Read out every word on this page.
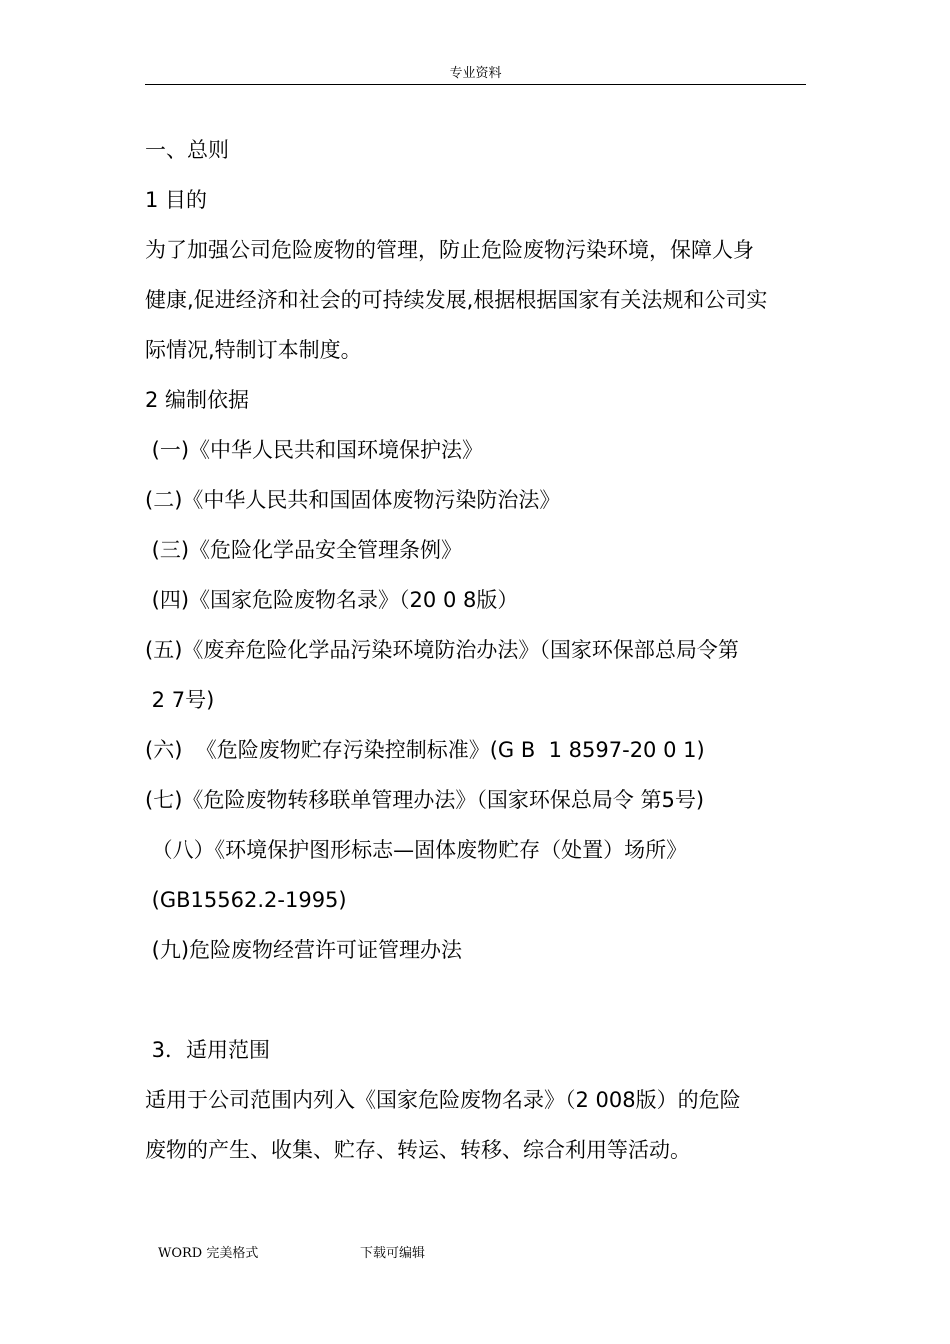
专业资料
一、总则
1 目的
为了加强公司危险废物的管理，防止危险废物污染环境，保障人身
健康,促进经济和社会的可持续发展,根据根据国家有关法规和公司实
际情况,特制订本制度。
2 编制依据
(一)《中华人民共和国环境保护法》
(二)《中华人民共和国固体废物污染防治法》
(三)《危险化学品安全管理条例》
(四)《国家危险废物名录》（20 0 8版）
(五)《废弃危险化学品污染环境防治办法》（国家环保部总局令第
2 7号)
(六)  《危险废物贮存污染控制标准》(G B  1 8597-20 0 1)
(七)《危险废物转移联单管理办法》（国家环保总局令 第5号)
（八）《环境保护图形标志—固体废物贮存（处置）场所》
(GB15562.2-1995)
(九)危险废物经营许可证管理办法
3．适用范围
适用于公司范围内列入《国家危险废物名录》（2 008版）的危险
废物的产生、收集、贮存、转运、转移、综合利用等活动。
WORD 完美格式	下载可编辑
